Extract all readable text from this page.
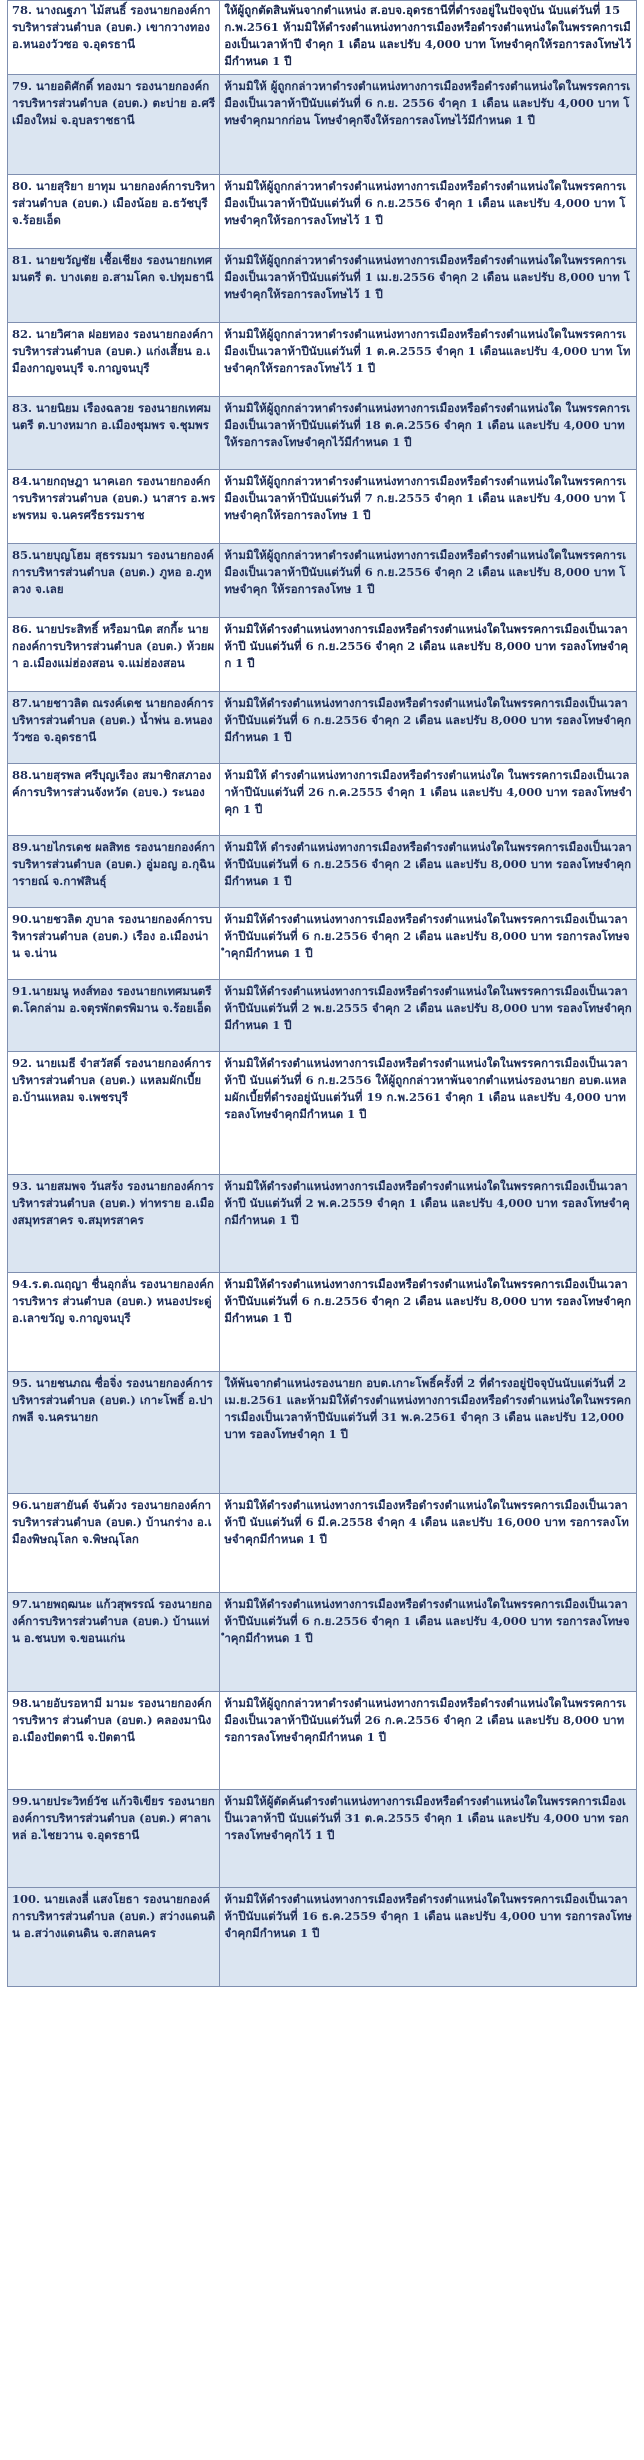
78. นางณฐภา ไม้สนธิ์ รองนายกองค์การบริหารส่วนตำบล (อบต.) เขากวางทอง อ.หนองวัวซอ จ.อุดรธานี	ให้ผู้ถูกตัดสินพ้นจากตำแหน่ง ส.อบจ.อุดรธานีที่ดำรงอยู่ในปัจจุบัน นับแต่วันที่ 15 ก.พ.2561 ห้ามมิให้ดำรงตำแหน่งทางการเมืองหรือดำรงตำแหน่งใดในพรรคการเมืองเป็นเวลาห้าปี จำคุก 1 เดือน และปรับ 4,000 บาท โทษจำคุกให้รอการลงโทษไว้มีกำหนด 1 ปี
79. นายอดิศักดิ์ ทองมา รองนายกองค์การบริหารส่วนตำบล (อบต.) ตะบ่าย อ.ศรีเมืองใหม่ จ.อุบลราชธานี	ห้ามมิให้ ผู้ถูกกล่าวหาดำรงตำแหน่งทางการเมืองหรือดำรงตำแหน่งใดในพรรคการเมืองเป็นเวลาห้าปีนับแต่วันที่ 6 ก.ย. 2556 จำคุก 1 เดือน และปรับ 4,000 บาท โทษจำคุกมากก่อน โทษจำคุกจึงให้รอการลงโทษไว้มีกำหนด 1 ปี
80. นายสุริยา ยาทุม นายกองค์การบริหารส่วนตำบล (อบต.) เมืองน้อย อ.ธวัชบุรี จ.ร้อยเอ็ด	ห้ามมิให้ผู้ถูกกล่าวหาดำรงตำแหน่งทางการเมืองหรือดำรงตำแหน่งใดในพรรคการเมืองเป็นเวลาห้าปีนับแต่วันที่ 6 ก.ย.2556 จำคุก 1 เดือน และปรับ 4,000 บาท โทษจำคุกให้รอการลงโทษไว้ 1 ปี
81. นายขวัญชัย เชื้อเชียง รองนายกเทศมนตรี ต. บางเตย อ.สามโคก จ.ปทุมธานี	ห้ามมิให้ผู้ถูกกล่าวหาดำรงตำแหน่งทางการเมืองหรือดำรงตำแหน่งใดในพรรคการเมืองเป็นเวลาห้าปีนับแต่วันที่ 1 เม.ย.2556 จำคุก 2 เดือน และปรับ 8,000 บาท โทษจำคุกให้รอการลงโทษไว้ 1 ปี
82. นายวิศาล ฝอยทอง รองนายกองค์การบริหารส่วนตำบล (อบต.) แก่งเสี้ยน อ.เมืองกาญจนบุรี จ.กาญจนบุรี	ห้ามมิให้ผู้ถูกกล่าวหาดำรงตำแหน่งทางการเมืองหรือดำรงตำแหน่งใดในพรรคการเมืองเป็นเวลาห้าปีนับแต่วันที่ 1 ต.ค.2555 จำคุก 1 เดือนและปรับ 4,000 บาท โทษจำคุกให้รอการลงโทษไว้ 1 ปี
83. นายนิยม เรืองฉลวย รองนายกเทศมนตรี ต.บางหมาก อ.เมืองชุมพร จ.ชุมพร	ห้ามมิให้ผู้ถูกกล่าวหาดำรงตำแหน่งทางการเมืองหรือดำรงตำแหน่งใด ในพรรคการเมืองเป็นเวลาห้าปีนับแต่วันที่ 18 ต.ค.2556 จำคุก 1 เดือน และปรับ 4,000 บาท ให้รอการลงโทษจำคุกไว้มีกำหนด 1 ปี
84.นายกฤษฎา นาคเอก รองนายกองค์การบริหารส่วนตำบล (อบต.) นาสาร อ.พระพรหม จ.นครศรีธรรมราช	ห้ามมิให้ผู้ถูกกล่าวหาดำรงตำแหน่งทางการเมืองหรือดำรงตำแหน่งใดในพรรคการเมืองเป็นเวลาห้าปีนับแต่วันที่ 7 ก.ย.2555 จำคุก 1 เดือน และปรับ 4,000 บาท โทษจำคุกให้รอการลงโทษ 1 ปี
85.นายบุญโฮม สุธรรมมา รองนายกองค์การบริหารส่วนตำบล (อบต.) ภูหอ อ.ภูหลวง จ.เลย	ห้ามมิให้ผู้ถูกกล่าวหาดำรงตำแหน่งทางการเมืองหรือดำรงตำแหน่งใดในพรรคการเมืองเป็นเวลาห้าปีนับแต่วันที่ 6 ก.ย.2556 จำคุก 2 เดือน และปรับ 8,000 บาท โทษจำคุก ให้รอการลงโทษ 1 ปี
86. นายประสิทธิ์ หรือมานิต สกกี้ะ นายกองค์การบริหารส่วนตำบล (อบต.) ห้วยผา อ.เมืองแม่ฮ่องสอน จ.แม่ฮ่องสอน	ห้ามมิให้ดำรงตำแหน่งทางการเมืองหรือดำรงตำแหน่งใดในพรรคการเมืองเป็นเวลาห้าปี นับแต่วันที่ 6 ก.ย.2556 จำคุก 2 เดือน และปรับ 8,000 บาท รอลงโทษจำคุก 1 ปี
87.นายชาวลิต ณรงค์เดช นายกองค์การบริหารส่วนตำบล (อบต.) น้ำพ่น อ.หนองวัวซอ จ.อุดรธานี	ห้ามมิให้ดำรงตำแหน่งทางการเมืองหรือดำรงตำแหน่งใดในพรรคการเมืองเป็นเวลาห้าปีนับแต่วันที่ 6 ก.ย.2556 จำคุก 2 เดือน และปรับ 8,000 บาท รอลงโทษจำคุกมีกำหนด 1 ปี
88.นายสุรพล ศรีบุญเรือง สมาชิกสภาองค์การบริหารส่วนจังหวัด (อบจ.) ระนอง	ห้ามมิให้ ดำรงตำแหน่งทางการเมืองหรือดำรงตำแหน่งใด ในพรรคการเมืองเป็นเวลาห้าปีนับแต่วันที่ 26 ก.ค.2555 จำคุก 1 เดือน และปรับ 4,000 บาท รอลงโทษจำคุก 1 ปี
89.นายไกรเดช ผลสิทธ รองนายกองค์การบริหารส่วนตำบล (อบต.) อู่มอญ อ.กุฉินารายณ์ จ.กาฬสินธุ์	ห้ามมิให้ ดำรงตำแหน่งทางการเมืองหรือดำรงตำแหน่งใดในพรรคการเมืองเป็นเวลาห้าปีนับแต่วันที่ 6 ก.ย.2556 จำคุก 2 เดือน และปรับ 8,000 บาท รอลงโทษจำคุกมีกำหนด 1 ปี
90.นายชวลิต ภูบาล รองนายกองค์การบริหารส่วนตำบล (อบต.) เรือง อ.เมืองน่าน จ.น่าน	ห้ามมิให้ดำรงตำแหน่งทางการเมืองหรือดำรงตำแหน่งใดในพรรคการเมืองเป็นเวลาห้าปีนับแต่วันที่ 6 ก.ย.2556 จำคุก 2 เดือน และปรับ 8,000 บาท รอการลงโทษจำคุกมีกำหนด 1 ปี
91.นายมนู หงส์ทอง รองนายกเทศมนตรี ต.โคกล่าม อ.จตุรพักตรพิมาน จ.ร้อยเอ็ด	ห้ามมิให้ดำรงตำแหน่งทางการเมืองหรือดำรงตำแหน่งใดในพรรคการเมืองเป็นเวลาห้าปีนับแต่วันที่ 2 พ.ย.2555 จำคุก 2 เดือน และปรับ 8,000 บาท รอลงโทษจำคุกมีกำหนด 1 ปี
92. นายเมธี จำสวัสดิ์ รองนายกองค์การบริหารส่วนตำบล (อบต.) แหลมผักเบี้ย อ.บ้านแหลม จ.เพชรบุรี	ห้ามมิให้ดำรงตำแหน่งทางการเมืองหรือดำรงตำแหน่งใดในพรรคการเมืองเป็นเวลาห้าปี นับแต่วันที่ 6 ก.ย.2556 ให้ผู้ถูกกล่าวหาพ้นจากตำแหน่งรองนายก อบต.แหลมผักเบี้ยที่ดำรงอยู่นับแต่วันที่ 19 ก.พ.2561 จำคุก 1 เดือน และปรับ 4,000 บาท รอลงโทษจำคุกมีกำหนด 1 ปี
93. นายสมพจ วันสร้ง รองนายกองค์การบริหารส่วนตำบล (อบต.) ท่าทราย อ.เมืองสมุทรสาคร จ.สมุทรสาคร	ห้ามมิให้ดำรงตำแหน่งทางการเมืองหรือดำรงตำแหน่งใดในพรรคการเมืองเป็นเวลาห้าปี นับแต่วันที่ 2 พ.ค.2559 จำคุก 1 เดือน และปรับ 4,000 บาท รอลงโทษจำคุกมีกำหนด 1 ปี
94.ร.ต.ณฤญา ชื่นอุกลั่น รองนายกองค์การบริหาร ส่วนตำบล (อบต.) หนองประดู่ อ.เลาขวัญ จ.กาญจนบุรี	ห้ามมิให้ดำรงตำแหน่งทางการเมืองหรือดำรงตำแหน่งใดในพรรคการเมืองเป็นเวลาห้าปีนับแต่วันที่ 6 ก.ย.2556 จำคุก 2 เดือน และปรับ 8,000 บาท รอลงโทษจำคุกมีกำหนด 1 ปี
95. นายชนภณ ซื่อจิ่ง รองนายกองค์การบริหารส่วนตำบล (อบต.) เกาะโพธิ์ อ.ปากพลี จ.นครนายก	ให้พ้นจากตำแหน่งรองนายก อบต.เกาะโพธิ์ครั้งที่ 2 ที่ดำรงอยู่ปัจจุบันนับแต่วันที่ 2 เม.ย.2561 และห้ามมิให้ดำรงตำแหน่งทางการเมืองหรือดำรงตำแหน่งใดในพรรคการเมืองเป็นเวลาห้าปีนับแต่วันที่ 31 พ.ค.2561 จำคุก 3 เดือน และปรับ 12,000 บาท รอลงโทษจำคุก 1 ปี
96.นายสายันต์ จันต้วง รองนายกองค์การบริหารส่วนตำบล (อบต.) บ้านกร่าง อ.เมืองพิษณุโลก จ.พิษณุโลก	ห้ามมิให้ดำรงตำแหน่งทางการเมืองหรือดำรงตำแหน่งใดในพรรคการเมืองเป็นเวลาห้าปี นับแต่วันที่ 6 มี.ค.2558 จำคุก 4 เดือน และปรับ 16,000 บาท รอการลงโทษจำคุกมีกำหนด 1 ปี
97.นายพฤฒนะ แก้วสุพรรณ์ รองนายกองค์การบริหารส่วนตำบล (อบต.) บ้านแท่น อ.ชนบท จ.ขอนแก่น	ห้ามมิให้ดำรงตำแหน่งทางการเมืองหรือดำรงตำแหน่งใดในพรรคการเมืองเป็นเวลาห้าปีนับแต่วันที่ 6 ก.ย.2556 จำคุก 1 เดือน และปรับ 4,000 บาท รอการลงโทษจำคุกมีกำหนด 1 ปี
98.นายอับรอหามี มามะ รองนายกองค์การบริหาร ส่วนตำบล (อบต.) คลองมานิง อ.เมืองปัตตานี จ.ปัตตานี	ห้ามมิให้ผู้ถูกกล่าวหาดำรงตำแหน่งทางการเมืองหรือดำรงตำแหน่งใดในพรรคการเมืองเป็นเวลาห้าปีนับแต่วันที่ 26 ก.ค.2556 จำคุก 2 เดือน และปรับ 8,000 บาท รอการลงโทษจำคุกมีกำหนด 1 ปี
99.นายประวิทย์วัช แก้วจิเขียร รองนายกองค์การบริหารส่วนตำบล (อบต.) ศาลาเหล่ อ.ไชยวาน จ.อุดรธานี	ห้ามมิให้ผู้ตัดค้นดำรงตำแหน่งทางการเมืองหรือดำรงตำแหน่งใดในพรรคการเมืองเป็นเวลาห้าปี นับแต่วันที่ 31 ต.ค.2555 จำคุก 1 เดือน และปรับ 4,000 บาท รอการลงโทษจำคุกไว้ 1 ปี
100. นายเลงลี่ แสงโยธา รองนายกองค์การบริหารส่วนตำบล (อบต.) สว่างแดนดิน อ.สว่างแดนดิน จ.สกลนคร	ห้ามมิให้ดำรงตำแหน่งทางการเมืองหรือดำรงตำแหน่งใดในพรรคการเมืองเป็นเวลาห้าปีนับแต่วันที่ 16 ธ.ค.2559 จำคุก 1 เดือน และปรับ 4,000 บาท รอการลงโทษจำคุกมีกำหนด 1 ปี
